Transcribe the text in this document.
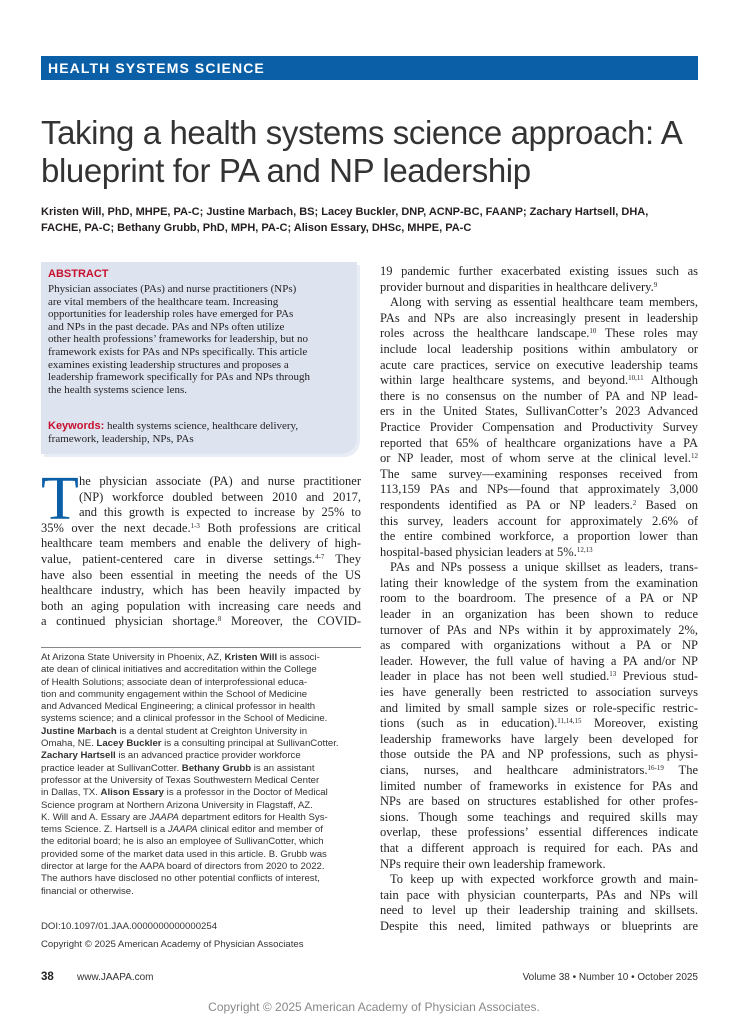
HEALTH SYSTEMS SCIENCE
Taking a health systems science approach: A
blueprint for PA and NP leadership
Kristen Will, PhD, MHPE, PA-C; Justine Marbach, BS; Lacey Buckler, DNP, ACNP-BC, FAANP; Zachary Hartsell, DHA,
FACHE, PA-C; Bethany Grubb, PhD, MPH, PA-C; Alison Essary, DHSc, MHPE, PA-C
ABSTRACT

Physician associates (PAs) and nurse practitioners (NPs)

are vital members of the healthcare team. Increasing

opportunities for leadership roles have emerged for PAs

and NPs in the past decade. PAs and NPs often utilize

other health professions’ frameworks for leadership, but no

framework exists for PAs and NPs specifically. This article

examines existing leadership structures and proposes a

leadership framework specifically for PAs and NPs through

the health systems science lens.

Keywords: health systems science, healthcare delivery,

framework, leadership, NPs, PAs

T he physician associate (PA) and nurse practitioner

(NP) workforce doubled between 2010 and 2017,

and this growth is expected to increase by 25% to

35% over the next decade.$^{1-3}$ Both professions are critical

healthcare team members and enable the delivery of high-

value, patient-centered care in diverse settings.$^{4-7}$ They

have also been essential in meeting the needs of the US

healthcare industry, which has been heavily impacted by

both an aging population with increasing care needs and

a continued physician shortage.$^8$ Moreover, the COVID-

At Arizona State University in Phoenix, AZ, Kristen Will is associ-

ate dean of clinical initiatives and accreditation within the College

of Health Solutions; associate dean of interprofessional educa-

tion and community engagement within the School of Medicine

and Advanced Medical Engineering; a clinical professor in health

systems science; and a clinical professor in the School of Medicine.

Justine Marbach is a dental student at Creighton University in

Omaha, NE. Lacey Buckler is a consulting principal at SullivanCotter.

Zachary Hartsell is an advanced practice provider workforce

practice leader at SullivanCotter. Bethany Grubb is an assistant

professor at the University of Texas Southwestern Medical Center

in Dallas, TX. Alison Essary is a professor in the Doctor of Medical

Science program at Northern Arizona University in Flagstaff, AZ.

K. Will and A. Essary are JAAPA department editors for Health Sys-

tems Science. Z. Hartsell is a JAAPA clinical editor and member of

the editorial board; he is also an employee of SullivanCotter, which

provided some of the market data used in this article. B. Grubb was

director at large for the AAPA board of directors from 2020 to 2022.

The authors have disclosed no other potential conflicts of interest,

financial or otherwise.

DOI:10.1097/01.JAA.0000000000000254
Copyright © 2025 American Academy of Physician Associates

19 pandemic further exacerbated existing issues such as

provider burnout and disparities in healthcare delivery.$^9$

Along with serving as essential healthcare team members,

PAs and NPs are also increasingly present in leadership

roles across the healthcare landscape.$^{10}$ These roles may

include local leadership positions within ambulatory or

acute care practices, service on executive leadership teams

within large healthcare systems, and beyond.$^{10,11}$ Although

there is no consensus on the number of PA and NP lead-

ers in the United States, SullivanCotter’s 2023 Advanced

Practice Provider Compensation and Productivity Survey

reported that 65% of healthcare organizations have a PA

or NP leader, most of whom serve at the clinical level.$^{12}$

The same survey—examining responses received from

113,159 PAs and NPs—found that approximately 3,000

respondents identified as PA or NP leaders.$^2$ Based on

this survey, leaders account for approximately 2.6% of

the entire combined workforce, a proportion lower than

hospital-based physician leaders at 5%.$^{12,13}$

PAs and NPs possess a unique skillset as leaders, trans-

lating their knowledge of the system from the examination

room to the boardroom. The presence of a PA or NP

leader in an organization has been shown to reduce

turnover of PAs and NPs within it by approximately 2%,

as compared with organizations without a PA or NP

leader. However, the full value of having a PA and/or NP

leader in place has not been well studied.$^{13}$ Previous stud-

ies have generally been restricted to association surveys

and limited by small sample sizes or role-specific restric-

tions (such as in education).$^{11,14,15}$ Moreover, existing

leadership frameworks have largely been developed for

those outside the PA and NP professions, such as physi-

cians, nurses, and healthcare administrators.$^{16-19}$ The

limited number of frameworks in existence for PAs and

NPs are based on structures established for other profes-

sions. Though some teachings and required skills may

overlap, these professions’ essential differences indicate

that a different approach is required for each. PAs and

NPs require their own leadership framework.

To keep up with expected workforce growth and main-

tain pace with physician counterparts, PAs and NPs will

need to level up their leadership training and skillsets.

Despite this need, limited pathways or blueprints are

38 www.JAAPA.com	Volume 38 • Number 10 • October 2025
Copyright © 2025 American Academy of Physician Associates.
